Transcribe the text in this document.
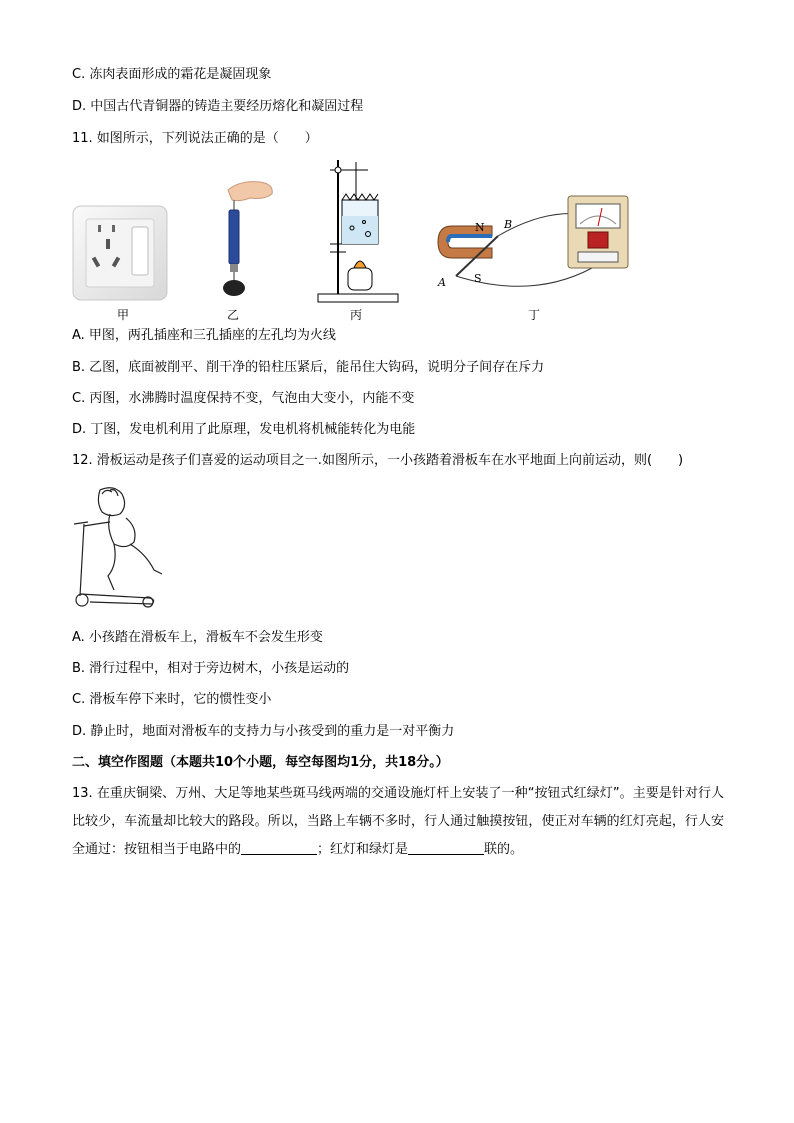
C. 冻肉表面形成的霜花是凝固现象
D. 中国古代青铜器的铸造主要经历熔化和凝固过程
11. 如图所示，下列说法正确的是（　　）
甲	乙	丙
N B
S
A
丁
A. 甲图，两孔插座和三孔插座的左孔均为火线
B. 乙图，底面被削平、削干净的铅柱压紧后，能吊住大钩码，说明分子间存在斥力
C. 丙图，水沸腾时温度保持不变，气泡由大变小，内能不变
D. 丁图，发电机利用了此原理，发电机将机械能转化为电能
12. 滑板运动是孩子们喜爱的运动项目之一.如图所示，一小孩踏着滑板车在水平地面上向前运动，则(　　)
A. 小孩踏在滑板车上，滑板车不会发生形变
B. 滑行过程中，相对于旁边树木，小孩是运动的
C. 滑板车停下来时，它的惯性变小
D. 静止时，地面对滑板车的支持力与小孩受到的重力是一对平衡力
二、填空作图题（本题共10个小题，每空每图均1分，共18分。）
13. 在重庆铜梁、万州、大足等地某些斑马线两端的交通设施灯杆上安装了一种“按钮式红绿灯”。主要是针对行人比较少，车流量却比较大的路段。所以，当路上车辆不多时，行人通过触摸按钮，使正对车辆的红灯亮起，行人安全通过：按钮相当于电路中的	；红灯和绿灯是	联的。
